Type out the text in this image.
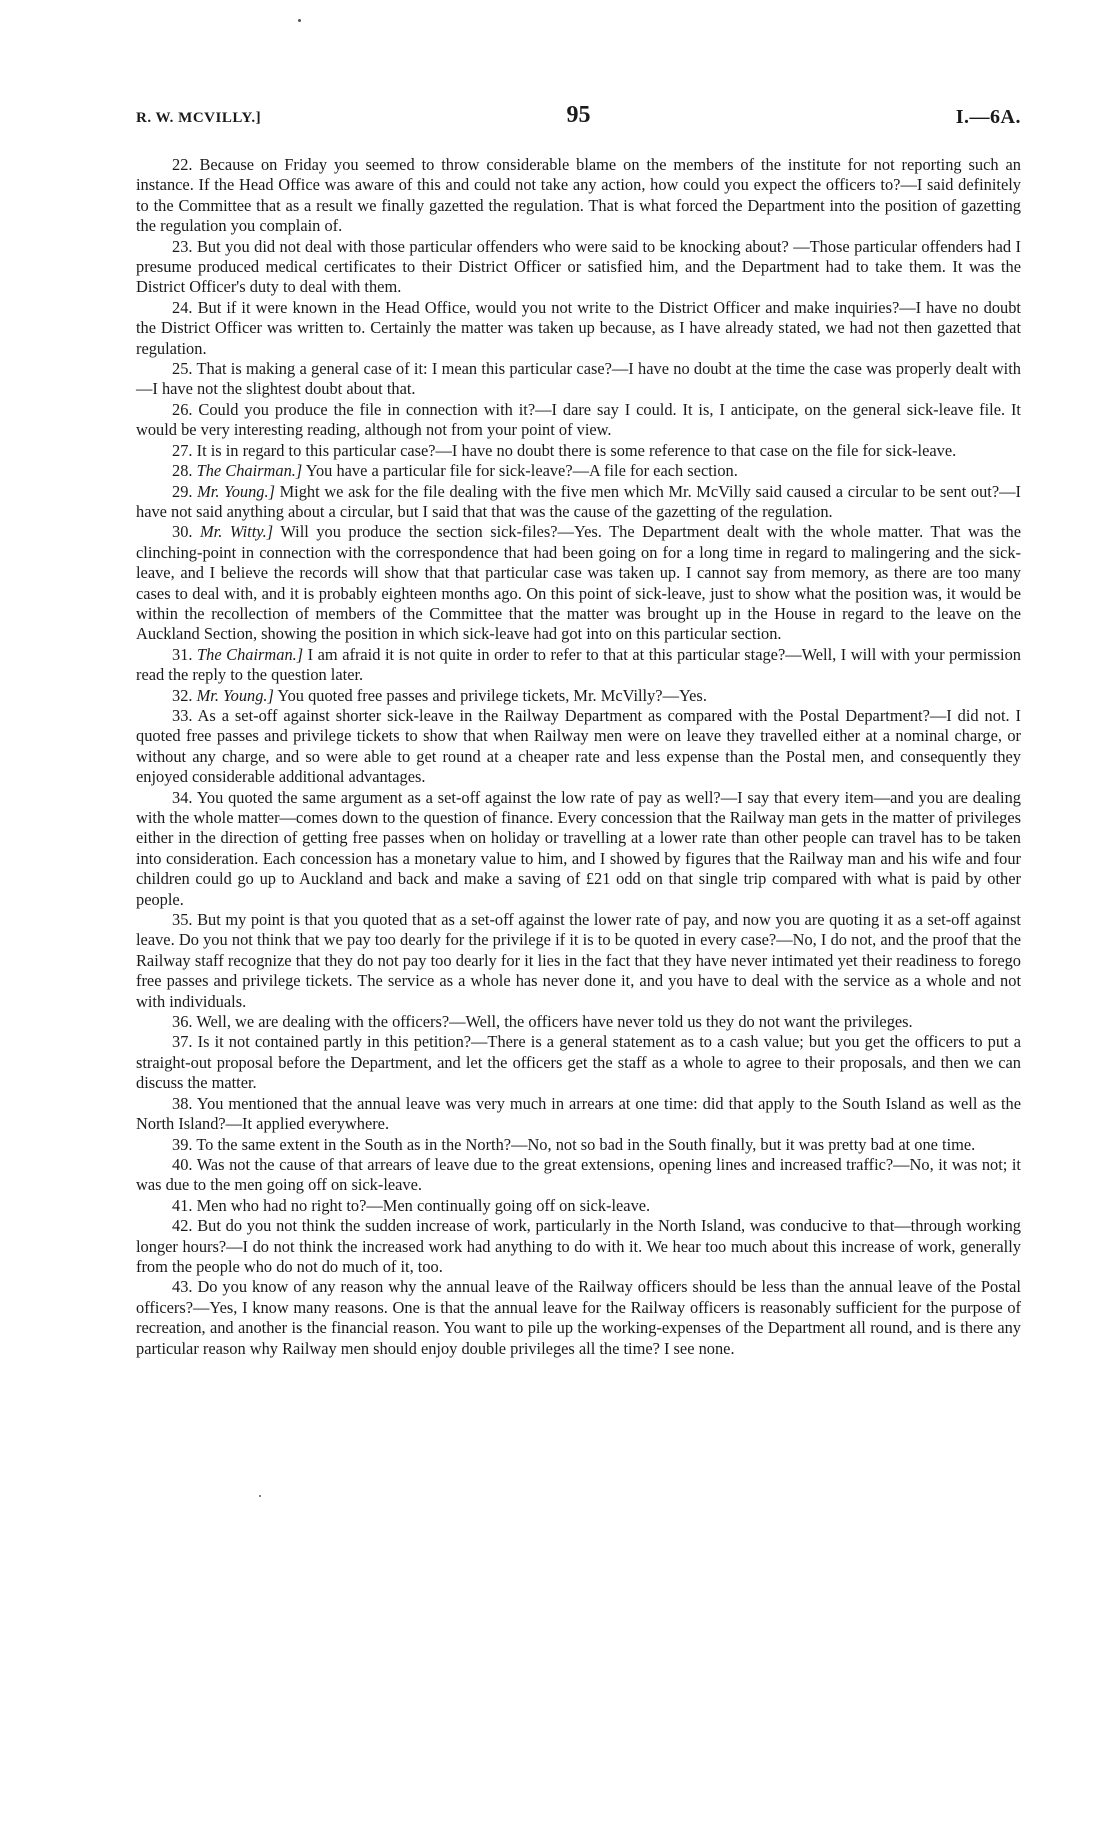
R. W. MCVILLY.]	95	I.—6A.

22. Because on Friday you seemed to throw considerable blame on the members of the institute for not reporting such an instance. If the Head Office was aware of this and could not take any action, how could you expect the officers to?—I said definitely to the Committee that as a result we finally gazetted the regulation. That is what forced the Department into the position of gazetting the regulation you complain of.

23. But you did not deal with those particular offenders who were said to be knocking about? —Those particular offenders had I presume produced medical certificates to their District Officer or satisfied him, and the Department had to take them. It was the District Officer's duty to deal with them.

24. But if it were known in the Head Office, would you not write to the District Officer and make inquiries?—I have no doubt the District Officer was written to. Certainly the matter was taken up because, as I have already stated, we had not then gazetted that regulation.

25. That is making a general case of it: I mean this particular case?—I have no doubt at the time the case was properly dealt with—I have not the slightest doubt about that.

26. Could you produce the file in connection with it?—I dare say I could. It is, I anticipate, on the general sick-leave file. It would be very interesting reading, although not from your point of view.

27. It is in regard to this particular case?—I have no doubt there is some reference to that case on the file for sick-leave.

28. The Chairman.] You have a particular file for sick-leave?—A file for each section.

29. Mr. Young.] Might we ask for the file dealing with the five men which Mr. McVilly said caused a circular to be sent out?—I have not said anything about a circular, but I said that that was the cause of the gazetting of the regulation.

30. Mr. Witty.] Will you produce the section sick-files?—Yes. The Department dealt with the whole matter. That was the clinching-point in connection with the correspondence that had been going on for a long time in regard to malingering and the sick-leave, and I believe the records will show that that particular case was taken up. I cannot say from memory, as there are too many cases to deal with, and it is probably eighteen months ago. On this point of sick-leave, just to show what the position was, it would be within the recollection of members of the Committee that the matter was brought up in the House in regard to the leave on the Auckland Section, showing the position in which sick-leave had got into on this particular section.

31. The Chairman.] I am afraid it is not quite in order to refer to that at this particular stage?—Well, I will with your permission read the reply to the question later.

32. Mr. Young.] You quoted free passes and privilege tickets, Mr. McVilly?—Yes.

33. As a set-off against shorter sick-leave in the Railway Department as compared with the Postal Department?—I did not. I quoted free passes and privilege tickets to show that when Railway men were on leave they travelled either at a nominal charge, or without any charge, and so were able to get round at a cheaper rate and less expense than the Postal men, and consequently they enjoyed considerable additional advantages.

34. You quoted the same argument as a set-off against the low rate of pay as well?—I say that every item—and you are dealing with the whole matter—comes down to the question of finance. Every concession that the Railway man gets in the matter of privileges either in the direction of getting free passes when on holiday or travelling at a lower rate than other people can travel has to be taken into consideration. Each concession has a monetary value to him, and I showed by figures that the Railway man and his wife and four children could go up to Auckland and back and make a saving of £21 odd on that single trip compared with what is paid by other people.

35. But my point is that you quoted that as a set-off against the lower rate of pay, and now you are quoting it as a set-off against leave. Do you not think that we pay too dearly for the privilege if it is to be quoted in every case?—No, I do not, and the proof that the Railway staff recognize that they do not pay too dearly for it lies in the fact that they have never intimated yet their readiness to forego free passes and privilege tickets. The service as a whole has never done it, and you have to deal with the service as a whole and not with individuals.

36. Well, we are dealing with the officers?—Well, the officers have never told us they do not want the privileges.

37. Is it not contained partly in this petition?—There is a general statement as to a cash value; but you get the officers to put a straight-out proposal before the Department, and let the officers get the staff as a whole to agree to their proposals, and then we can discuss the matter.

38. You mentioned that the annual leave was very much in arrears at one time: did that apply to the South Island as well as the North Island?—It applied everywhere.

39. To the same extent in the South as in the North?—No, not so bad in the South finally, but it was pretty bad at one time.

40. Was not the cause of that arrears of leave due to the great extensions, opening lines and increased traffic?—No, it was not; it was due to the men going off on sick-leave.

41. Men who had no right to?—Men continually going off on sick-leave.

42. But do you not think the sudden increase of work, particularly in the North Island, was conducive to that—through working longer hours?—I do not think the increased work had anything to do with it. We hear too much about this increase of work, generally from the people who do not do much of it, too.

43. Do you know of any reason why the annual leave of the Railway officers should be less than the annual leave of the Postal officers?—Yes, I know many reasons. One is that the annual leave for the Railway officers is reasonably sufficient for the purpose of recreation, and another is the financial reason. You want to pile up the working-expenses of the Department all round, and is there any particular reason why Railway men should enjoy double privileges all the time? I see none.
